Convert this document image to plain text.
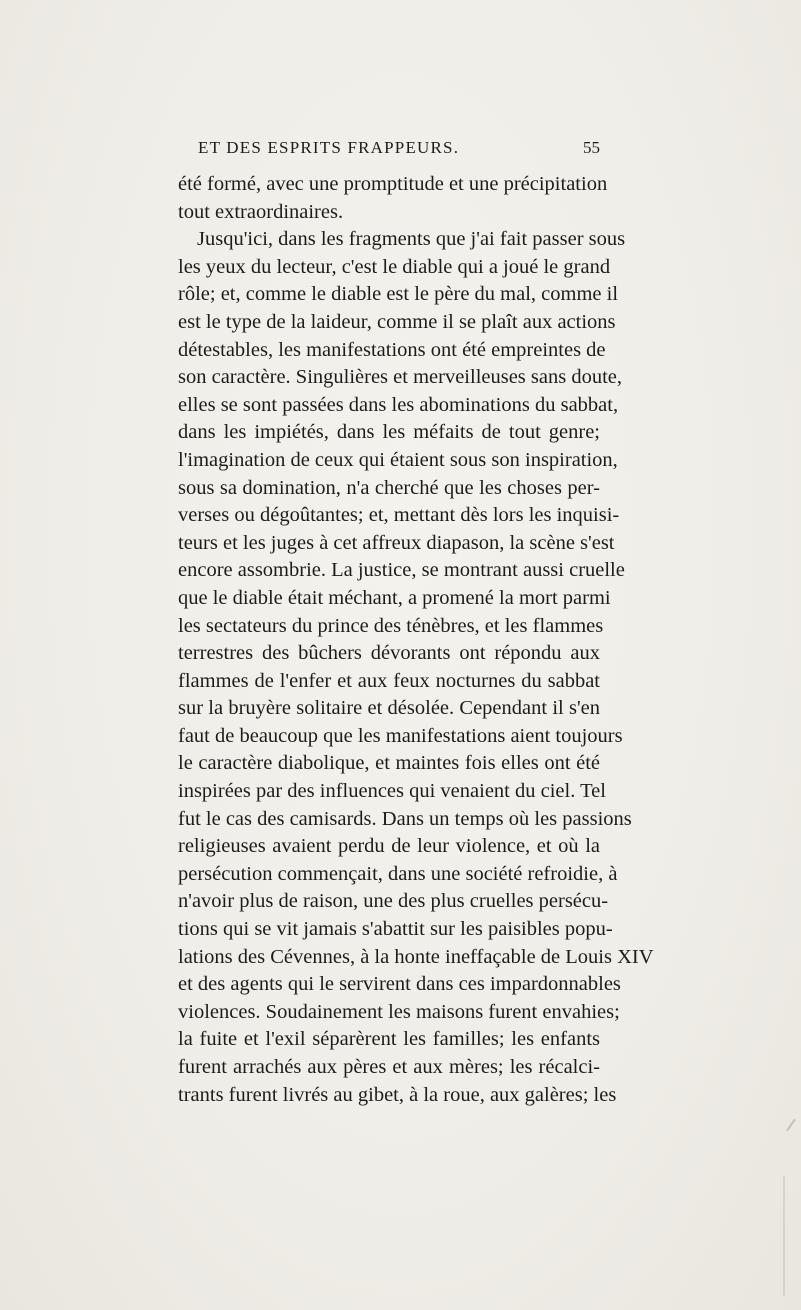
ET DES ESPRITS FRAPPEURS.	55
été formé, avec une promptitude et une précipitation
tout extraordinaires.
Jusqu'ici, dans les fragments que j'ai fait passer sous
les yeux du lecteur, c'est le diable qui a joué le grand
rôle; et, comme le diable est le père du mal, comme il
est le type de la laideur, comme il se plaît aux actions
détestables, les manifestations ont été empreintes de
son caractère. Singulières et merveilleuses sans doute,
elles se sont passées dans les abominations du sabbat,
dans les impiétés, dans les méfaits de tout genre;
l'imagination de ceux qui étaient sous son inspiration,
sous sa domination, n'a cherché que les choses per-
verses ou dégoûtantes; et, mettant dès lors les inquisi-
teurs et les juges à cet affreux diapason, la scène s'est
encore assombrie. La justice, se montrant aussi cruelle
que le diable était méchant, a promené la mort parmi
les sectateurs du prince des ténèbres, et les flammes
terrestres des bûchers dévorants ont répondu aux
flammes de l'enfer et aux feux nocturnes du sabbat
sur la bruyère solitaire et désolée. Cependant il s'en
faut de beaucoup que les manifestations aient toujours
le caractère diabolique, et maintes fois elles ont été
inspirées par des influences qui venaient du ciel. Tel
fut le cas des camisards. Dans un temps où les passions
religieuses avaient perdu de leur violence, et où la
persécution commençait, dans une société refroidie, à
n'avoir plus de raison, une des plus cruelles persécu-
tions qui se vit jamais s'abattit sur les paisibles popu-
lations des Cévennes, à la honte ineffaçable de Louis XIV
et des agents qui le servirent dans ces impardonnables
violences. Soudainement les maisons furent envahies;
la fuite et l'exil séparèrent les familles; les enfants
furent arrachés aux pères et aux mères; les récalci-
trants furent livrés au gibet, à la roue, aux galères; les
